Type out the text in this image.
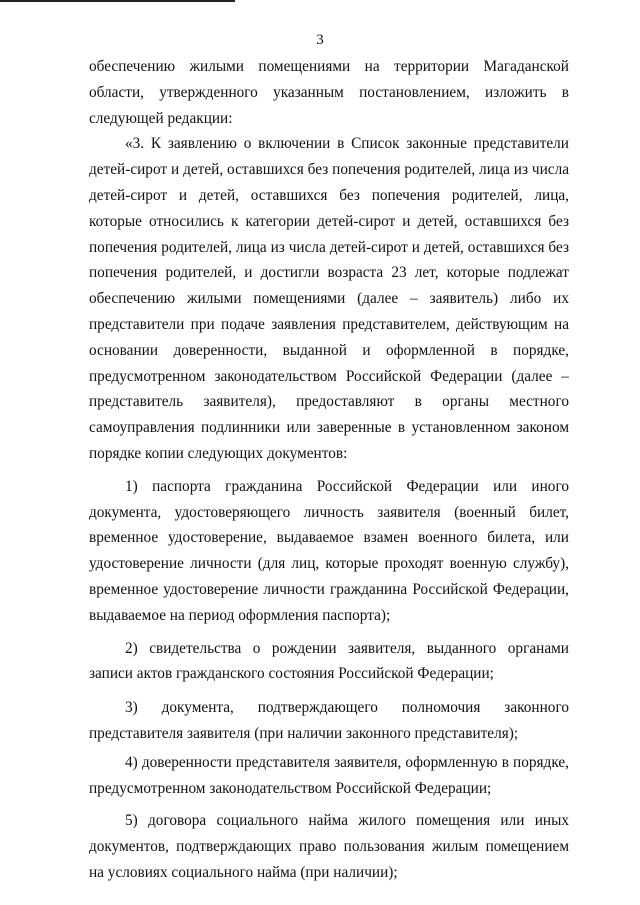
3

обеспечению жилыми помещениями на территории Магаданской области, утвержденного указанным постановлением, изложить в следующей редакции:

«3. К заявлению о включении в Список законные представители детей-сирот и детей, оставшихся без попечения родителей, лица из числа детей-сирот и детей, оставшихся без попечения родителей, лица, которые относились к категории детей-сирот и детей, оставшихся без попечения родителей, лица из числа детей-сирот и детей, оставшихся без попечения родителей, и достигли возраста 23 лет, которые подлежат обеспечению жилыми помещениями (далее – заявитель) либо их представители при подаче заявления представителем, действующим на основании доверенности, выданной и оформленной в порядке, предусмотренном законодательством Российской Федерации (далее – представитель заявителя), предоставляют в органы местного самоуправления подлинники или заверенные в установленном законом порядке копии следующих документов:

1) паспорта гражданина Российской Федерации или иного документа, удостоверяющего личность заявителя (военный билет, временное удостоверение, выдаваемое взамен военного билета, или удостоверение личности (для лиц, которые проходят военную службу), временное удостоверение личности гражданина Российской Федерации, выдаваемое на период оформления паспорта);

2) свидетельства о рождении заявителя, выданного органами записи актов гражданского состояния Российской Федерации;

3) документа, подтверждающего полномочия законного представителя заявителя (при наличии законного представителя);

4) доверенности представителя заявителя, оформленную в порядке, предусмотренном законодательством Российской Федерации;

5) договора социального найма жилого помещения или иных документов, подтверждающих право пользования жилым помещением на условиях социального найма (при наличии);
